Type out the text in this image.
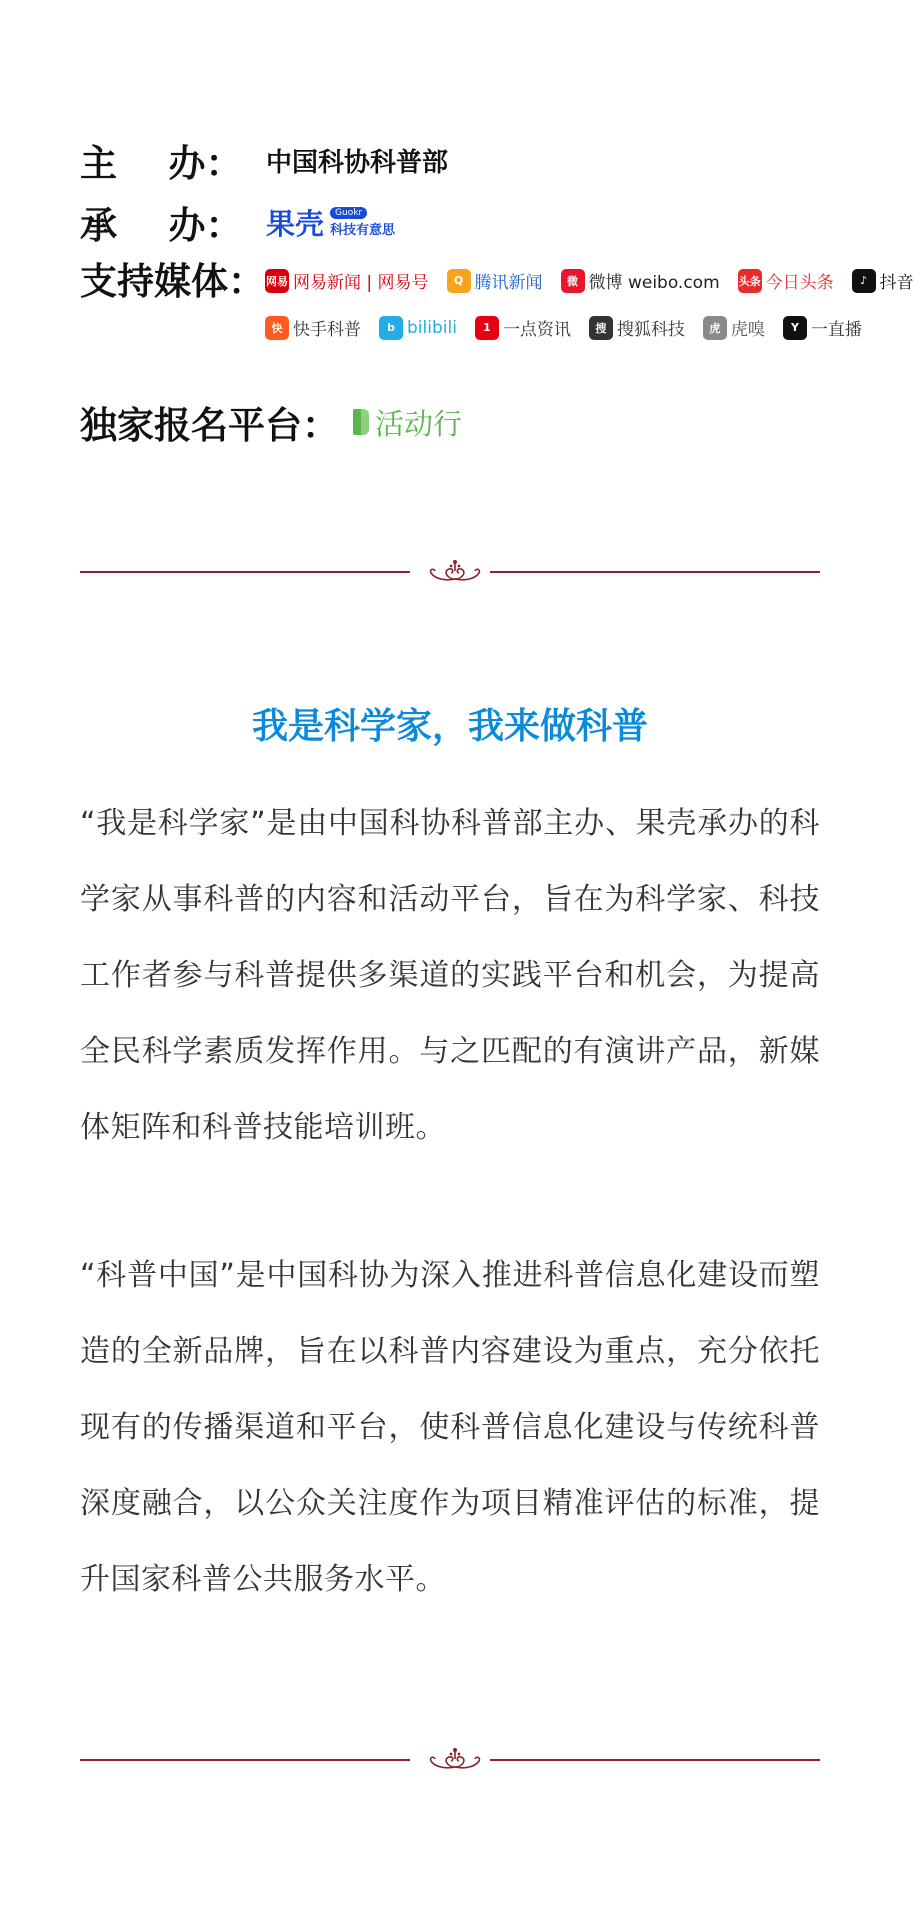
主    办： 中国科协科普部
承    办： 果壳	Guokr
科技有意思
支持媒体： 网易 网易新闻 | 网易号	Q 腾讯新闻	微 微博 weibo.com 头条 今日头条	♪ 抖音
快 快手科普	b bilibili	1 一点资讯	搜 搜狐科技	虎 虎嗅	Y 一直播
独家报名平台： 活动行
我是科学家，我来做科普
“我是科学家”是由中国科协科普部主办、果壳承办的科学家从事科普的内容和活动平台，旨在为科学家、科技工作者参与科普提供多渠道的实践平台和机会，为提高全民科学素质发挥作用。与之匹配的有演讲产品，新媒体矩阵和科普技能培训班。
“科普中国”是中国科协为深入推进科普信息化建设而塑造的全新品牌，旨在以科普内容建设为重点，充分依托现有的传播渠道和平台，使科普信息化建设与传统科普深度融合，以公众关注度作为项目精准评估的标准，提升国家科普公共服务水平。
